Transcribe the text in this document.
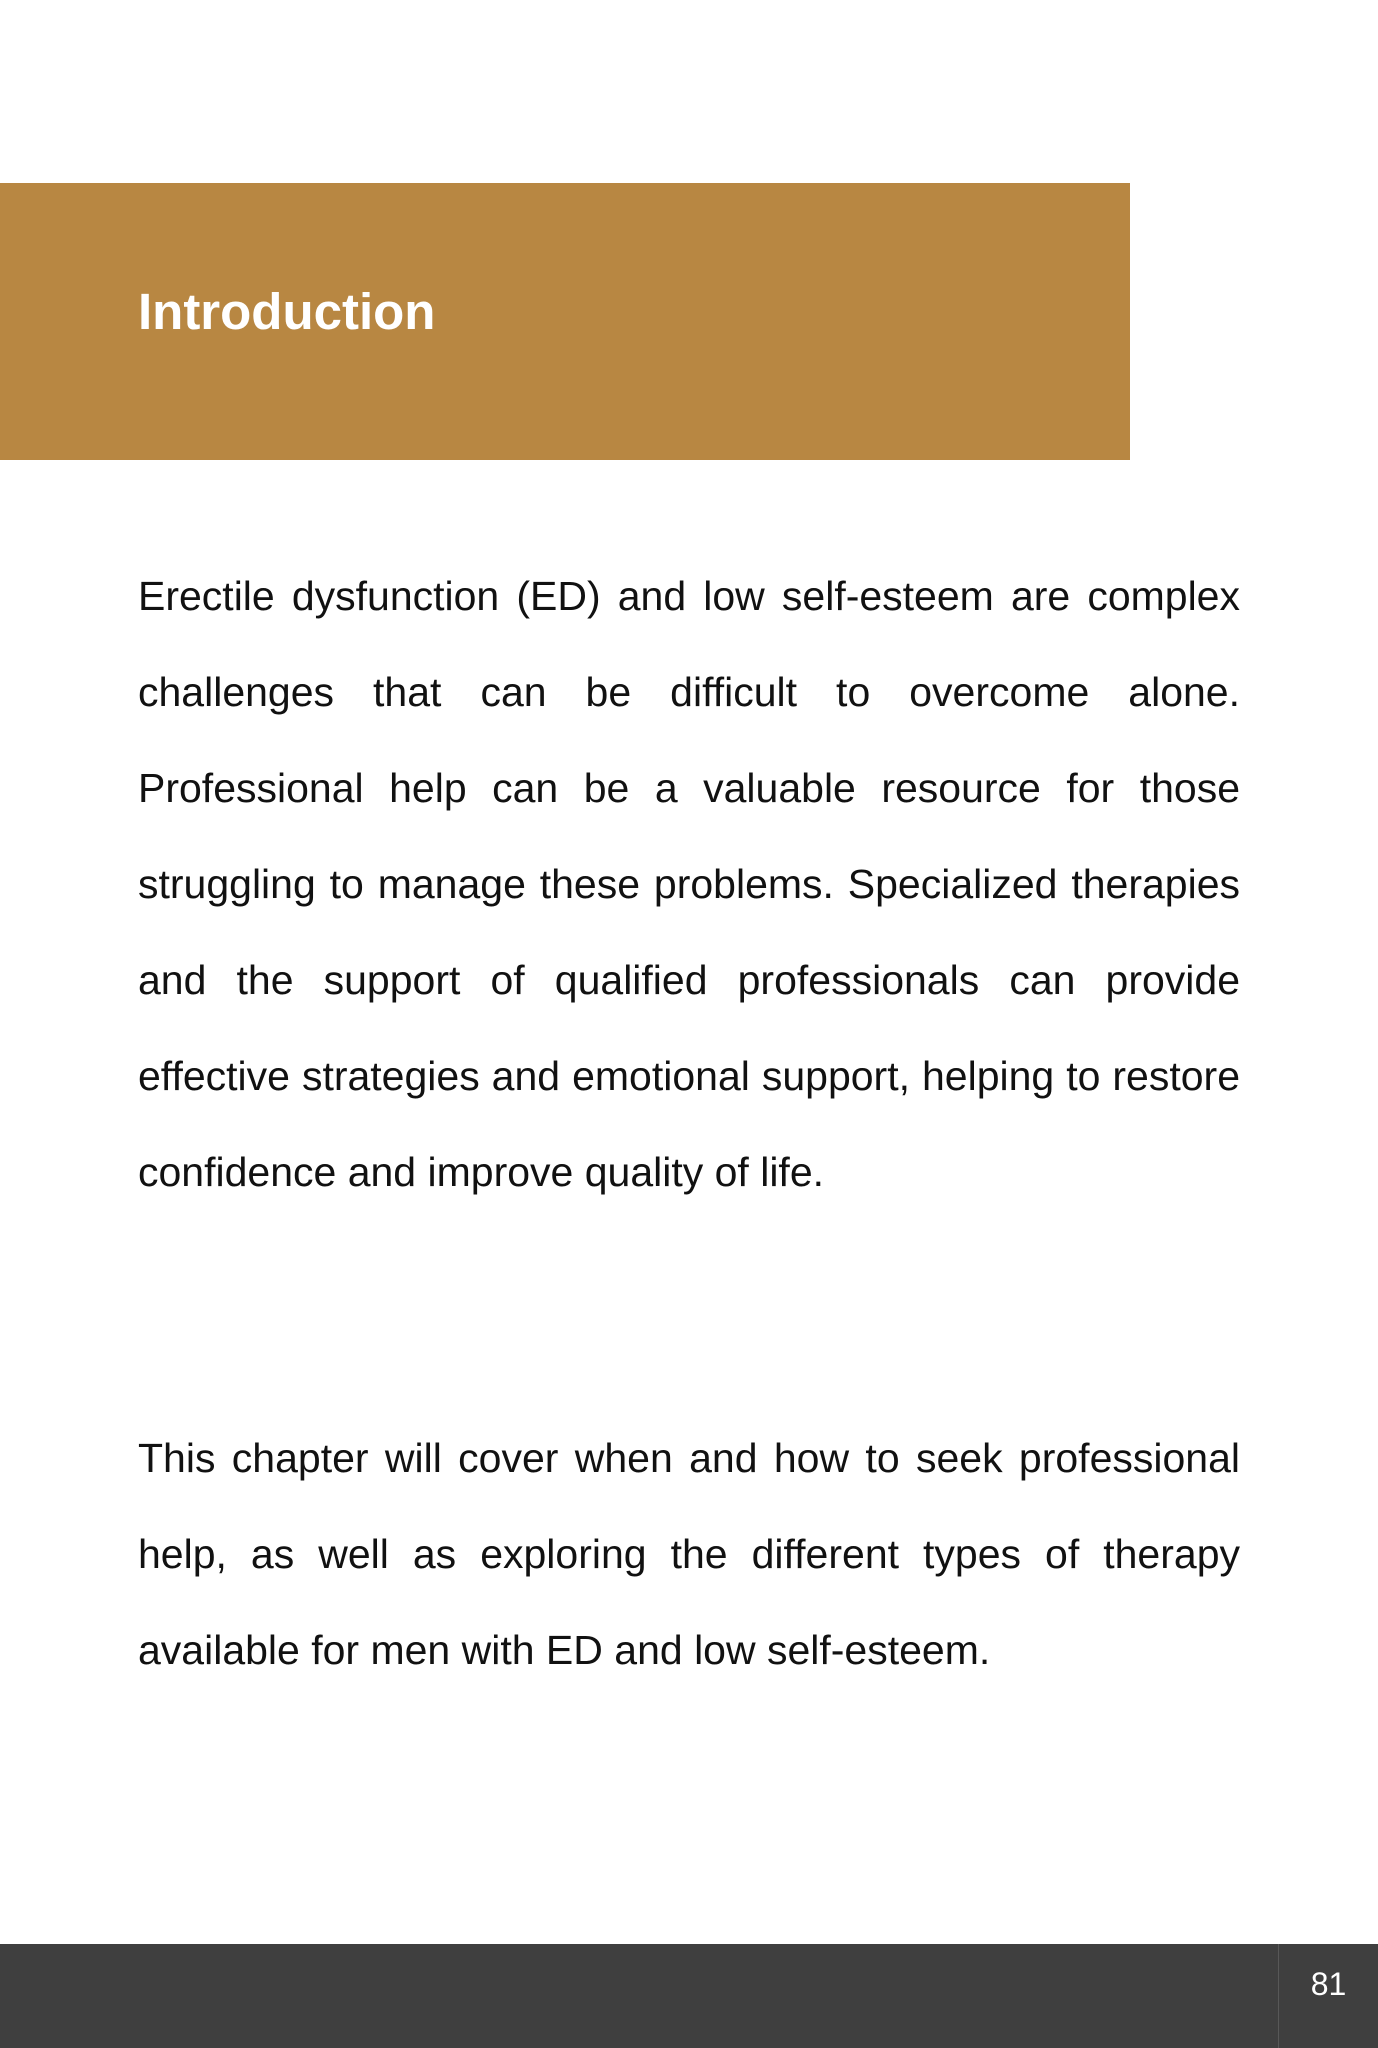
Introduction

Erectile dysfunction (ED) and low self-esteem are complex challenges that can be difficult to overcome alone. Professional help can be a valuable resource for those struggling to manage these problems. Specialized therapies and the support of qualified professionals can provide effective strategies and emotional support, helping to restore confidence and improve quality of life.

This chapter will cover when and how to seek professional help, as well as exploring the different types of therapy available for men with ED and low self-esteem.

81
